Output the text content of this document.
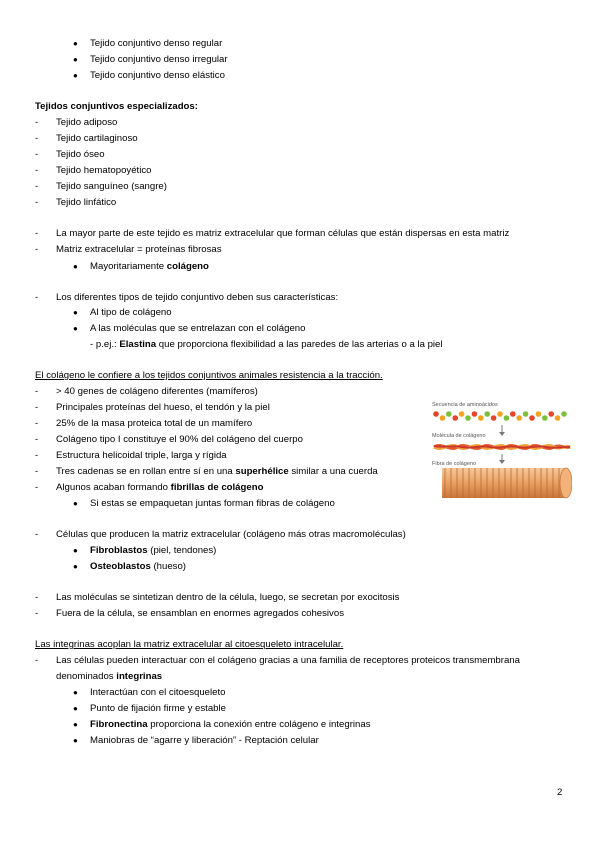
● Tejido conjuntivo denso regular
● Tejido conjuntivo denso irregular
● Tejido conjuntivo denso elástico
Tejidos conjuntivos especializados:
- Tejido adiposo
- Tejido cartilaginoso
- Tejido óseo
- Tejido hematopoyético
- Tejido sanguíneo (sangre)
- Tejido linfático
- La mayor parte de este tejido es matriz extracelular que forman células que están dispersas en esta matriz
- Matriz extracelular = proteínas fibrosas
● Mayoritariamente colágeno
- Los diferentes tipos de tejido conjuntivo deben sus características:
● Al tipo de colágeno
● A las moléculas que se entrelazan con el colágeno
- p.ej.: Elastina que proporciona flexibilidad a las paredes de las arterias o a la piel
El colágeno le confiere a los tejidos conjuntivos animales resistencia a la tracción.
- > 40 genes de colágeno diferentes (mamíferos)
- Principales proteínas del hueso, el tendón y la piel
- 25% de la masa proteica total de un mamífero
- Colágeno tipo I constituye el 90% del colágeno del cuerpo
- Estructura helicoidal triple, larga y rígida
- Tres cadenas se en rollan entre sí en una superhélice similar a una cuerda
- Algunos acaban formando fibrillas de colágeno
● Si estas se empaquetan juntas forman fibras de colágeno
Secuencia de aminoácidos
Molécula de colágeno
Fibra de colágeno
- Células que producen la matriz extracelular (colágeno más otras macromoléculas)
● Fibroblastos (piel, tendones)
● Osteoblastos (hueso)
- Las moléculas se sintetizan dentro de la célula, luego, se secretan por exocitosis
- Fuera de la célula, se ensamblan en enormes agregados cohesivos
Las integrinas acoplan la matriz extracelular al citoesqueleto intracelular.
- Las células pueden interactuar con el colágeno gracias a una familia de receptores proteicos transmembrana
denominados integrinas
● Interactúan con el citoesqueleto
● Punto de fijación firme y estable
● Fibronectina proporciona la conexión entre colágeno e integrinas
● Maniobras de “agarre y liberación” - Reptación celular
2
